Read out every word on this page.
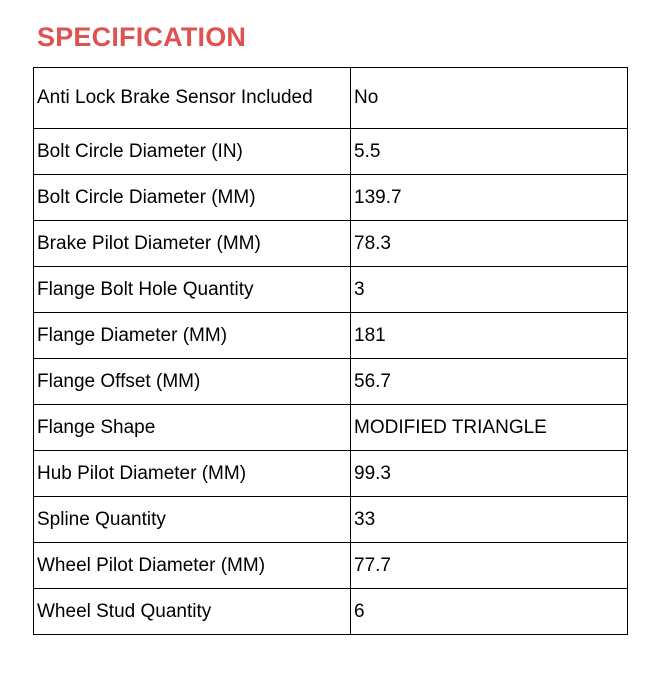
SPECIFICATION
Anti Lock Brake Sensor Included	No
Bolt Circle Diameter (IN)	5.5
Bolt Circle Diameter (MM)	139.7
Brake Pilot Diameter (MM)	78.3
Flange Bolt Hole Quantity	3
Flange Diameter (MM)	181
Flange Offset (MM)	56.7
Flange Shape	MODIFIED TRIANGLE
Hub Pilot Diameter (MM)	99.3
Spline Quantity	33
Wheel Pilot Diameter (MM)	77.7
Wheel Stud Quantity	6
